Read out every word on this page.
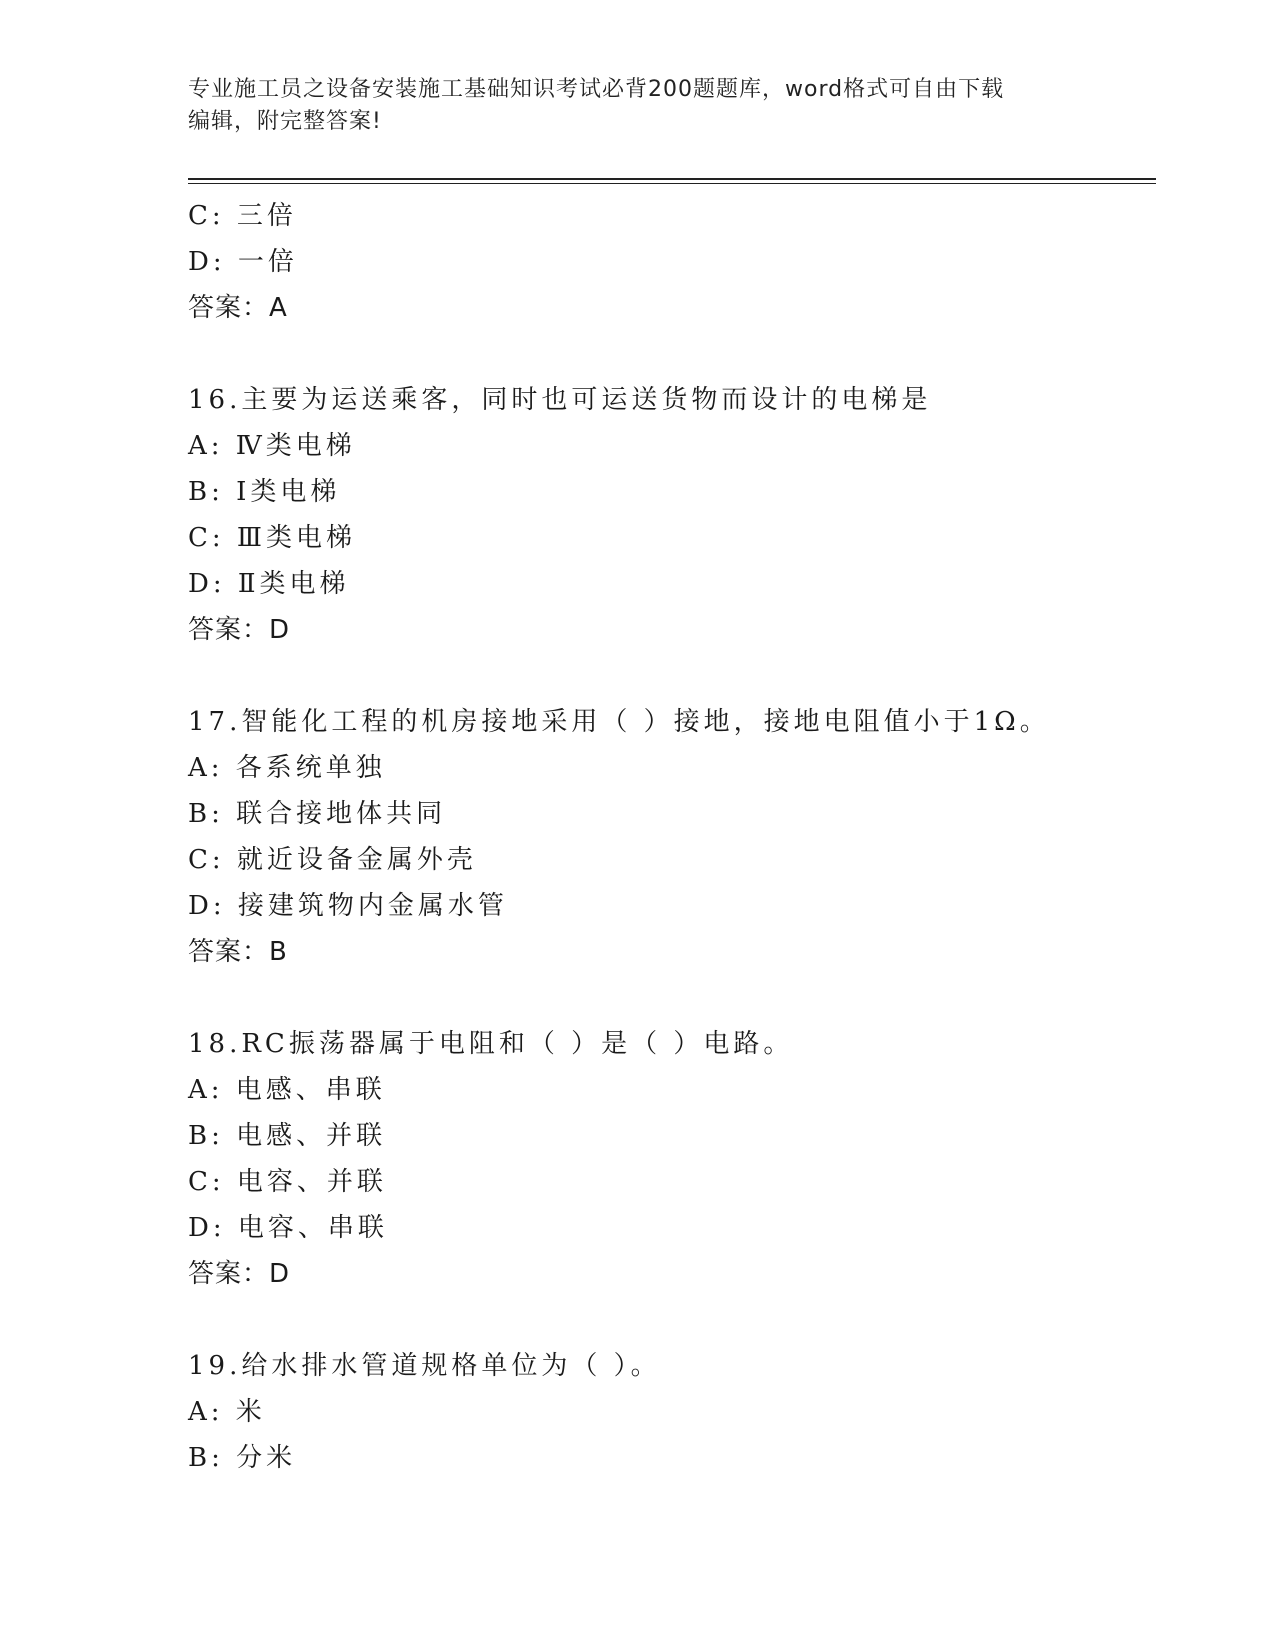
专业施工员之设备安装施工基础知识考试必背200题题库，word格式可自由下载
编辑，附完整答案!
C: 三倍
D: 一倍
答案：A
16.主要为运送乘客，同时也可运送货物而设计的电梯是
A: Ⅳ类电梯
B: Ⅰ类电梯
C: Ⅲ类电梯
D: Ⅱ类电梯
答案：D
17.智能化工程的机房接地采用（ ）接地，接地电阻值小于1Ω。
A: 各系统单独
B: 联合接地体共同
C: 就近设备金属外壳
D: 接建筑物内金属水管
答案：B
18.RC振荡器属于电阻和（ ）是（ ）电路。
A: 电感、串联
B: 电感、并联
C: 电容、并联
D: 电容、串联
答案：D
19.给水排水管道规格单位为（ ）。
A: 米
B: 分米
